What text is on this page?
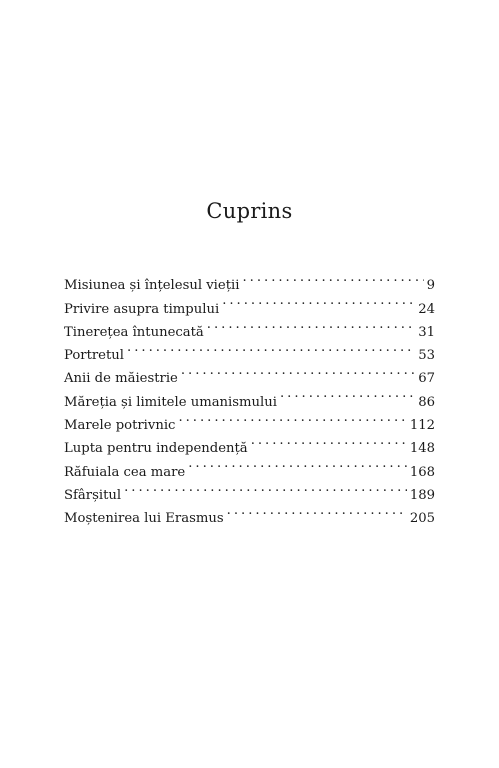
Cuprins
Misiunea și înțelesul vieții . . .	9
Privire asupra timpului . . .	24
Tinerețea întunecată . . .	31
Portretul . . .	53
Anii de măiestrie . . .	67
Măreția și limitele umanismului . . .	86
Marele potrivnic . . .	112
Lupta pentru independență . . .	148
Răfuiala cea mare . . .	168
Sfârșitul . . .	189
Moștenirea lui Erasmus . . .	205
